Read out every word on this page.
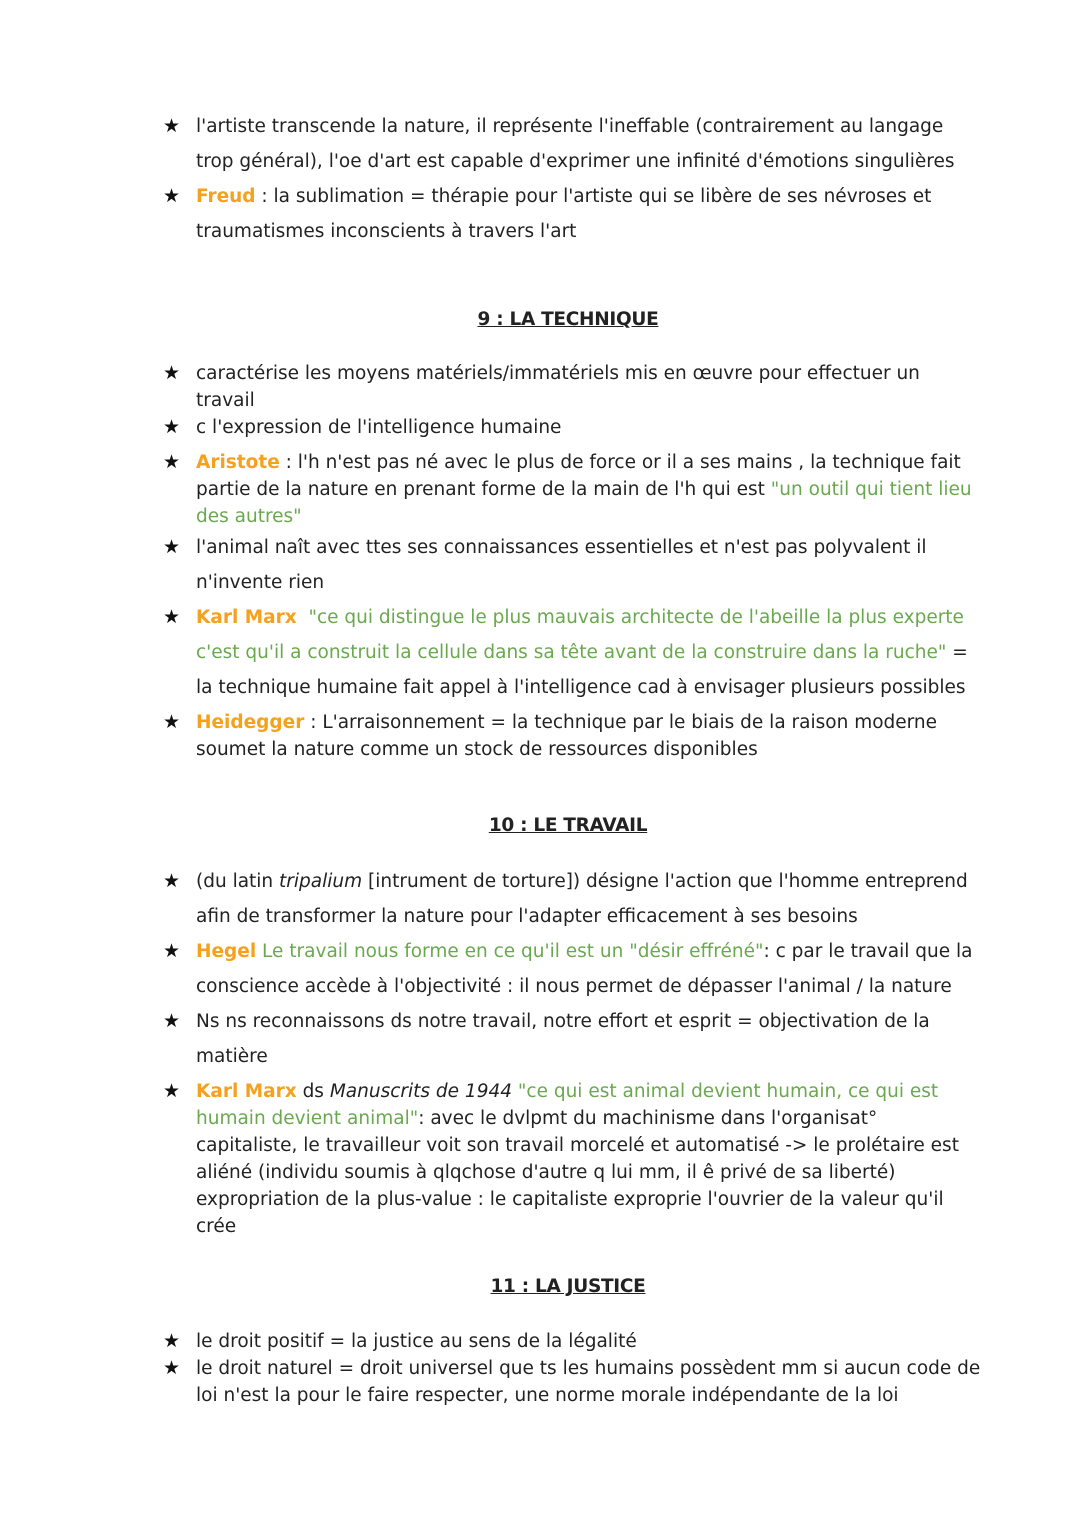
★ l'artiste transcende la nature, il représente l'ineffable (contrairement au langage trop général), l'oe d'art est capable d'exprimer une infinité d'émotions singulières
★ Freud : la sublimation = thérapie pour l'artiste qui se libère de ses névroses et traumatismes inconscients à travers l'art
9 : LA TECHNIQUE
★ caractérise les moyens matériels/immatériels mis en œuvre pour effectuer un travail
★ c l'expression de l'intelligence humaine
★ Aristote : l'h n'est pas né avec le plus de force or il a ses mains , la technique fait partie de la nature en prenant forme de la main de l'h qui est "un outil qui tient lieu des autres"
★ l'animal naît avec ttes ses connaissances essentielles et n'est pas polyvalent il n'invente rien
★ Karl Marx "ce qui distingue le plus mauvais architecte de l'abeille la plus experte c'est qu'il a construit la cellule dans sa tête avant de la construire dans la ruche" = la technique humaine fait appel à l'intelligence cad à envisager plusieurs possibles
★ Heidegger : L'arraisonnement = la technique par le biais de la raison moderne soumet la nature comme un stock de ressources disponibles
10 : LE TRAVAIL
★ (du latin tripalium [intrument de torture]) désigne l'action que l'homme entreprend afin de transformer la nature pour l'adapter efficacement à ses besoins
★ Hegel Le travail nous forme en ce qu'il est un "désir effréné": c par le travail que la conscience accède à l'objectivité : il nous permet de dépasser l'animal / la nature
★ Ns ns reconnaissons ds notre travail, notre effort et esprit = objectivation de la matière
★ Karl Marx ds Manuscrits de 1944 "ce qui est animal devient humain, ce qui est humain devient animal": avec le dvlpmt du machinisme dans l'organisat° capitaliste, le travailleur voit son travail morcelé et automatisé -> le prolétaire est aliéné (individu soumis à qlqchose d'autre q lui mm, il ê privé de sa liberté) expropriation de la plus-value : le capitaliste exproprie l'ouvrier de la valeur qu'il crée
11 : LA JUSTICE
★ le droit positif = la justice au sens de la légalité
★ le droit naturel = droit universel que ts les humains possèdent mm si aucun code de loi n'est la pour le faire respecter, une norme morale indépendante de la loi
